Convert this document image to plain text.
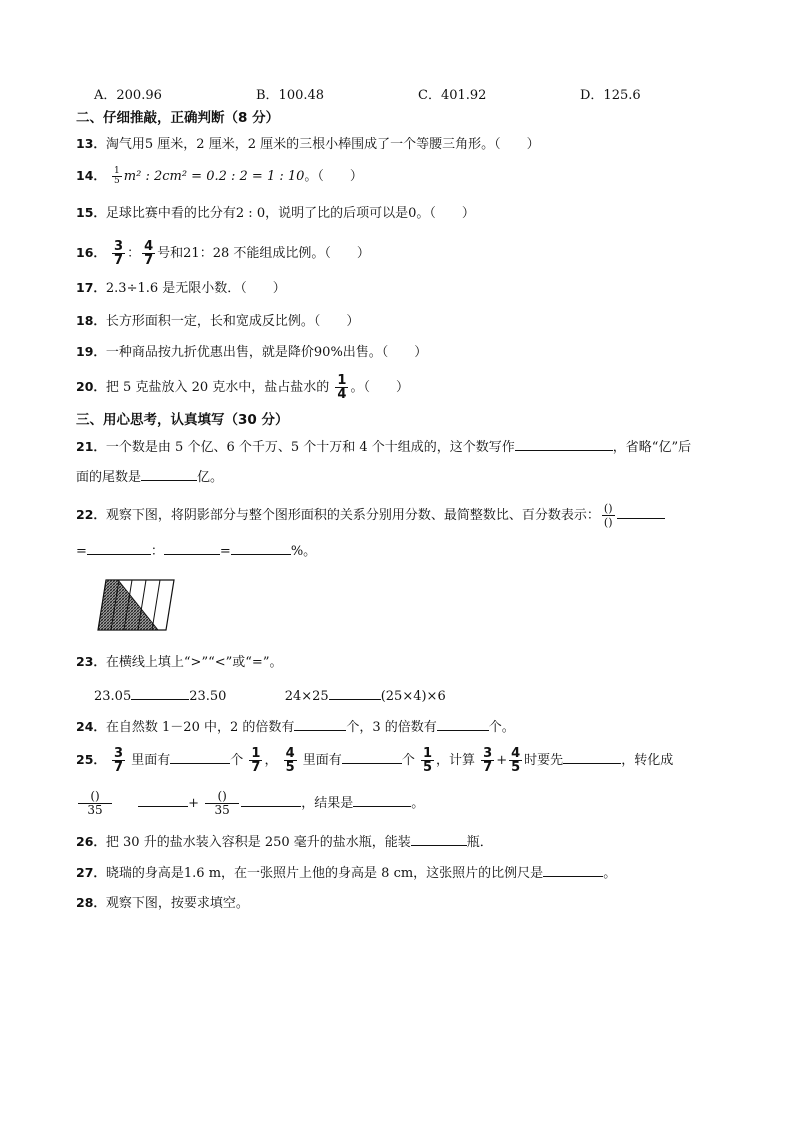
A．200.96	B．100.48	C．401.92	D．125.6
二、仔细推敲，正确判断（8 分）
13．淘气用5 厘米，2 厘米，2 厘米的三根小棒围成了一个等腰三角形。（　　）
14． $\frac{1}{5} m^2$ : 2cm² = 0.2 : 2 = 1 : 10。（　　）
15．足球比赛中看的比分有2 : 0，说明了比的后项可以是0。（　　）
16． $\frac{3}{7}$ ： $\frac{4}{7}$ 号和21：28 不能组成比例。（　　）
17．2.3÷1.6 是无限小数．（　　）
18．长方形面积一定，长和宽成反比例。（　　）
19．一种商品按九折优惠出售，就是降价90%出售。（　　）
20．把 5 克盐放入 20 克水中，盐占盐水的 $\frac{1}{4}$ 。（　　）
三、用心思考，认真填写（30 分）
21．一个数是由 5 个亿、6 个千万、5 个十万和 4 个十组成的，这个数写作	，省略“亿”后
面的尾数是	亿。
22．观察下图，将阴影部分与整个图形面积的关系分别用分数、最简整数比、百分数表示： $\frac{()}{()}$
=	：	=	%。
23．在横线上填上“>”“<”或“=”。
23.05	23.50	24×25	(25×4)×6
24．在自然数 1－20 中，2 的倍数有	个，3 的倍数有	个。
25． $\frac{3}{7}$ 里面有	个 $\frac{1}{7}$ ， $\frac{4}{5}$ 里面有	个 $\frac{1}{5}$ ，计算 $\frac{3}{7} + \frac{4}{5}$ 时要先	，转化成
$\frac{()}{35}$	+ $\frac{()}{35}$	，结果是	。
26．把 30 升的盐水装入容积是 250 毫升的盐水瓶，能装	瓶．
27．晓瑞的身高是1.6 m，在一张照片上他的身高是 8 cm，这张照片的比例尺是	。
28．观察下图，按要求填空。
